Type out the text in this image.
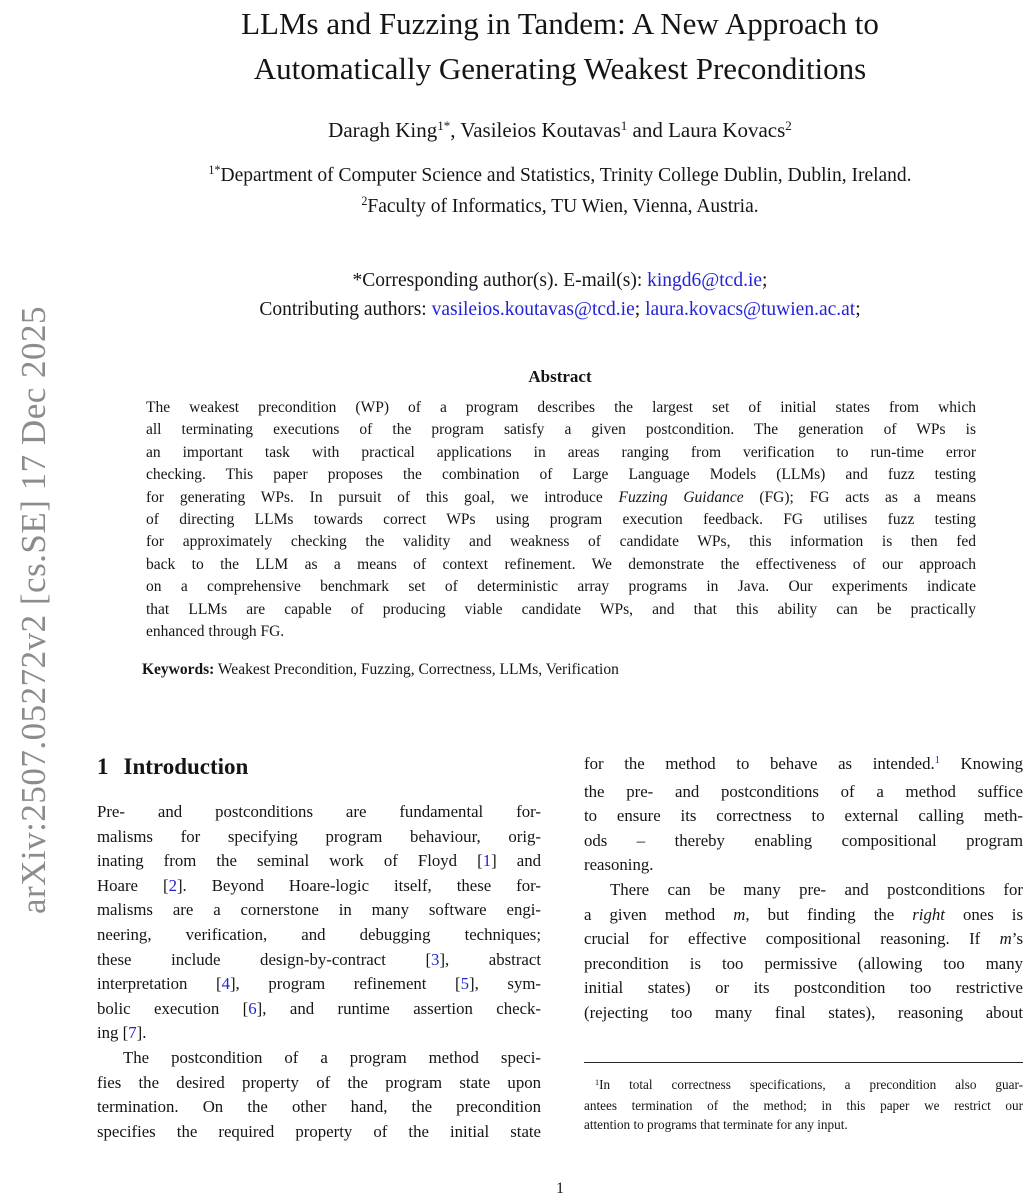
arXiv:2507.05272v2 [cs.SE] 17 Dec 2025
LLMs and Fuzzing in Tandem: A New Approach to
Automatically Generating Weakest Preconditions
Daragh King$^{1*}$, Vasileios Koutavas$^1$ and Laura Kovacs$^2$
$^{1*}$Department of Computer Science and Statistics, Trinity College Dublin, Dublin, Ireland.
$^2$Faculty of Informatics, TU Wien, Vienna, Austria.
*Corresponding author(s). E-mail(s): kingd6@tcd.ie;
Contributing authors: vasileios.koutavas@tcd.ie; laura.kovacs@tuwien.ac.at;
Abstract
The weakest precondition (WP) of a program describes the largest set of initial states from which
all terminating executions of the program satisfy a given postcondition. The generation of WPs is
an important task with practical applications in areas ranging from verification to run-time error
checking. This paper proposes the combination of Large Language Models (LLMs) and fuzz testing
for generating WPs. In pursuit of this goal, we introduce Fuzzing Guidance (FG); FG acts as a means
of directing LLMs towards correct WPs using program execution feedback. FG utilises fuzz testing
for approximately checking the validity and weakness of candidate WPs, this information is then fed
back to the LLM as a means of context refinement. We demonstrate the effectiveness of our approach
on a comprehensive benchmark set of deterministic array programs in Java. Our experiments indicate
that LLMs are capable of producing viable candidate WPs, and that this ability can be practically
enhanced through FG.
Keywords: Weakest Precondition, Fuzzing, Correctness, LLMs, Verification
1 Introduction
Pre- and postconditions are fundamental for-
malisms for specifying program behaviour, orig-
inating from the seminal work of Floyd [1] and
Hoare [2]. Beyond Hoare-logic itself, these for-
malisms are a cornerstone in many software engi-
neering, verification, and debugging techniques;
these include design-by-contract [3], abstract
interpretation [4], program refinement [5], sym-
bolic execution [6], and runtime assertion check-
ing [7].
The postcondition of a program method speci-
fies the desired property of the program state upon
termination. On the other hand, the precondition
specifies the required property of the initial state
for the method to behave as intended.$^1$ Knowing
the pre- and postconditions of a method suffice
to ensure its correctness to external calling meth-
ods – thereby enabling compositional program
reasoning.
There can be many pre- and postconditions for
a given method m, but finding the right ones is
crucial for effective compositional reasoning. If m’s
precondition is too permissive (allowing too many
initial states) or its postcondition too restrictive
(rejecting too many final states), reasoning about
$^1$In total correctness specifications, a precondition also guar-
antees termination of the method; in this paper we restrict our
attention to programs that terminate for any input.
1
